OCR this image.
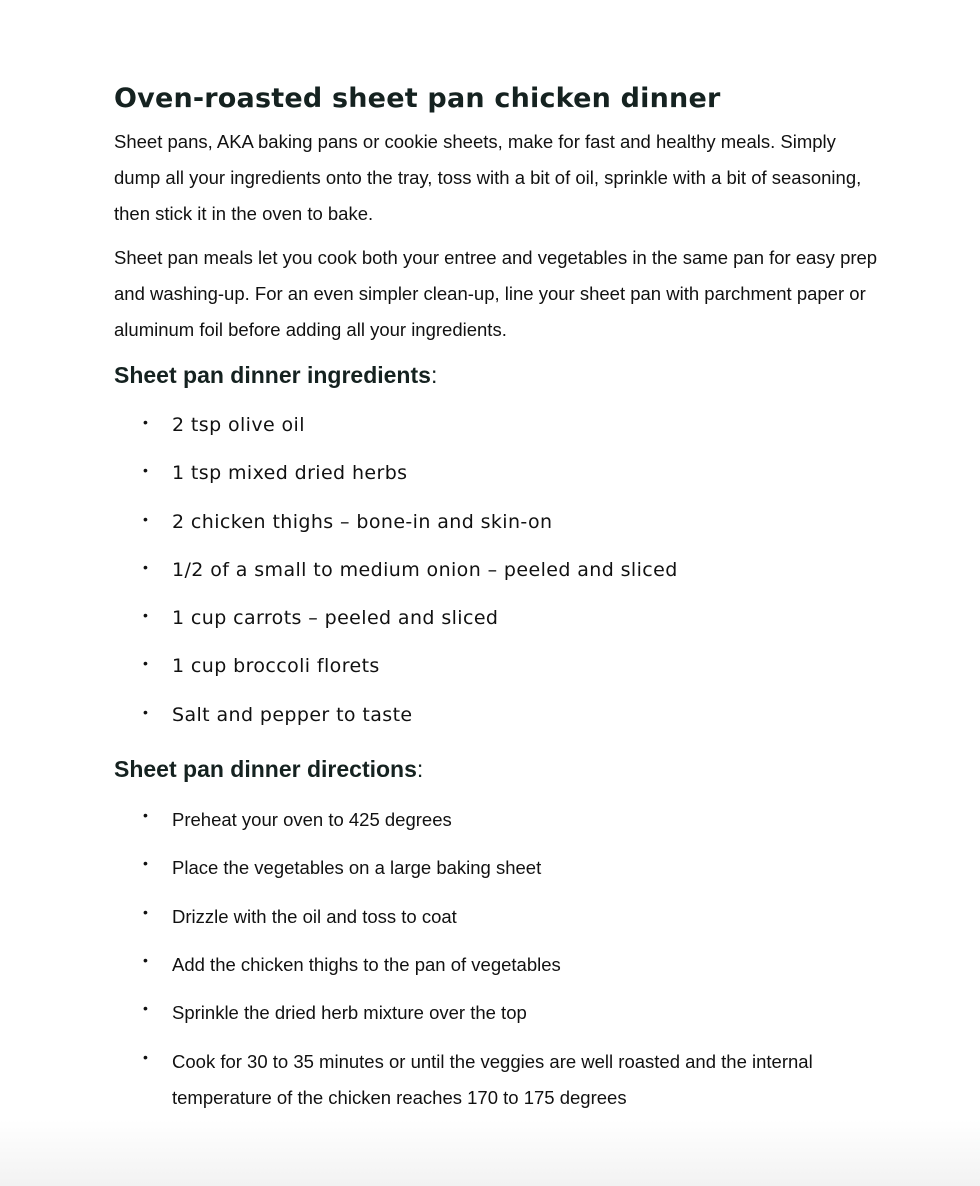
Oven-roasted sheet pan chicken dinner

Sheet pans, AKA baking pans or cookie sheets, make for fast and healthy meals. Simply dump all your ingredients onto the tray, toss with a bit of oil, sprinkle with a bit of seasoning, then stick it in the oven to bake.

Sheet pan meals let you cook both your entree and vegetables in the same pan for easy prep and washing-up. For an even simpler clean-up, line your sheet pan with parchment paper or aluminum foil before adding all your ingredients.

Sheet pan dinner ingredients:
• 2 tsp olive oil
• 1 tsp mixed dried herbs
• 2 chicken thighs – bone-in and skin-on
• 1/2 of a small to medium onion – peeled and sliced
• 1 cup carrots – peeled and sliced
• 1 cup broccoli florets
• Salt and pepper to taste
Sheet pan dinner directions:
• Preheat your oven to 425 degrees
• Place the vegetables on a large baking sheet
• Drizzle with the oil and toss to coat
• Add the chicken thighs to the pan of vegetables
• Sprinkle the dried herb mixture over the top
• Cook for 30 to 35 minutes or until the veggies are well roasted and the internal temperature of the chicken reaches 170 to 175 degrees
